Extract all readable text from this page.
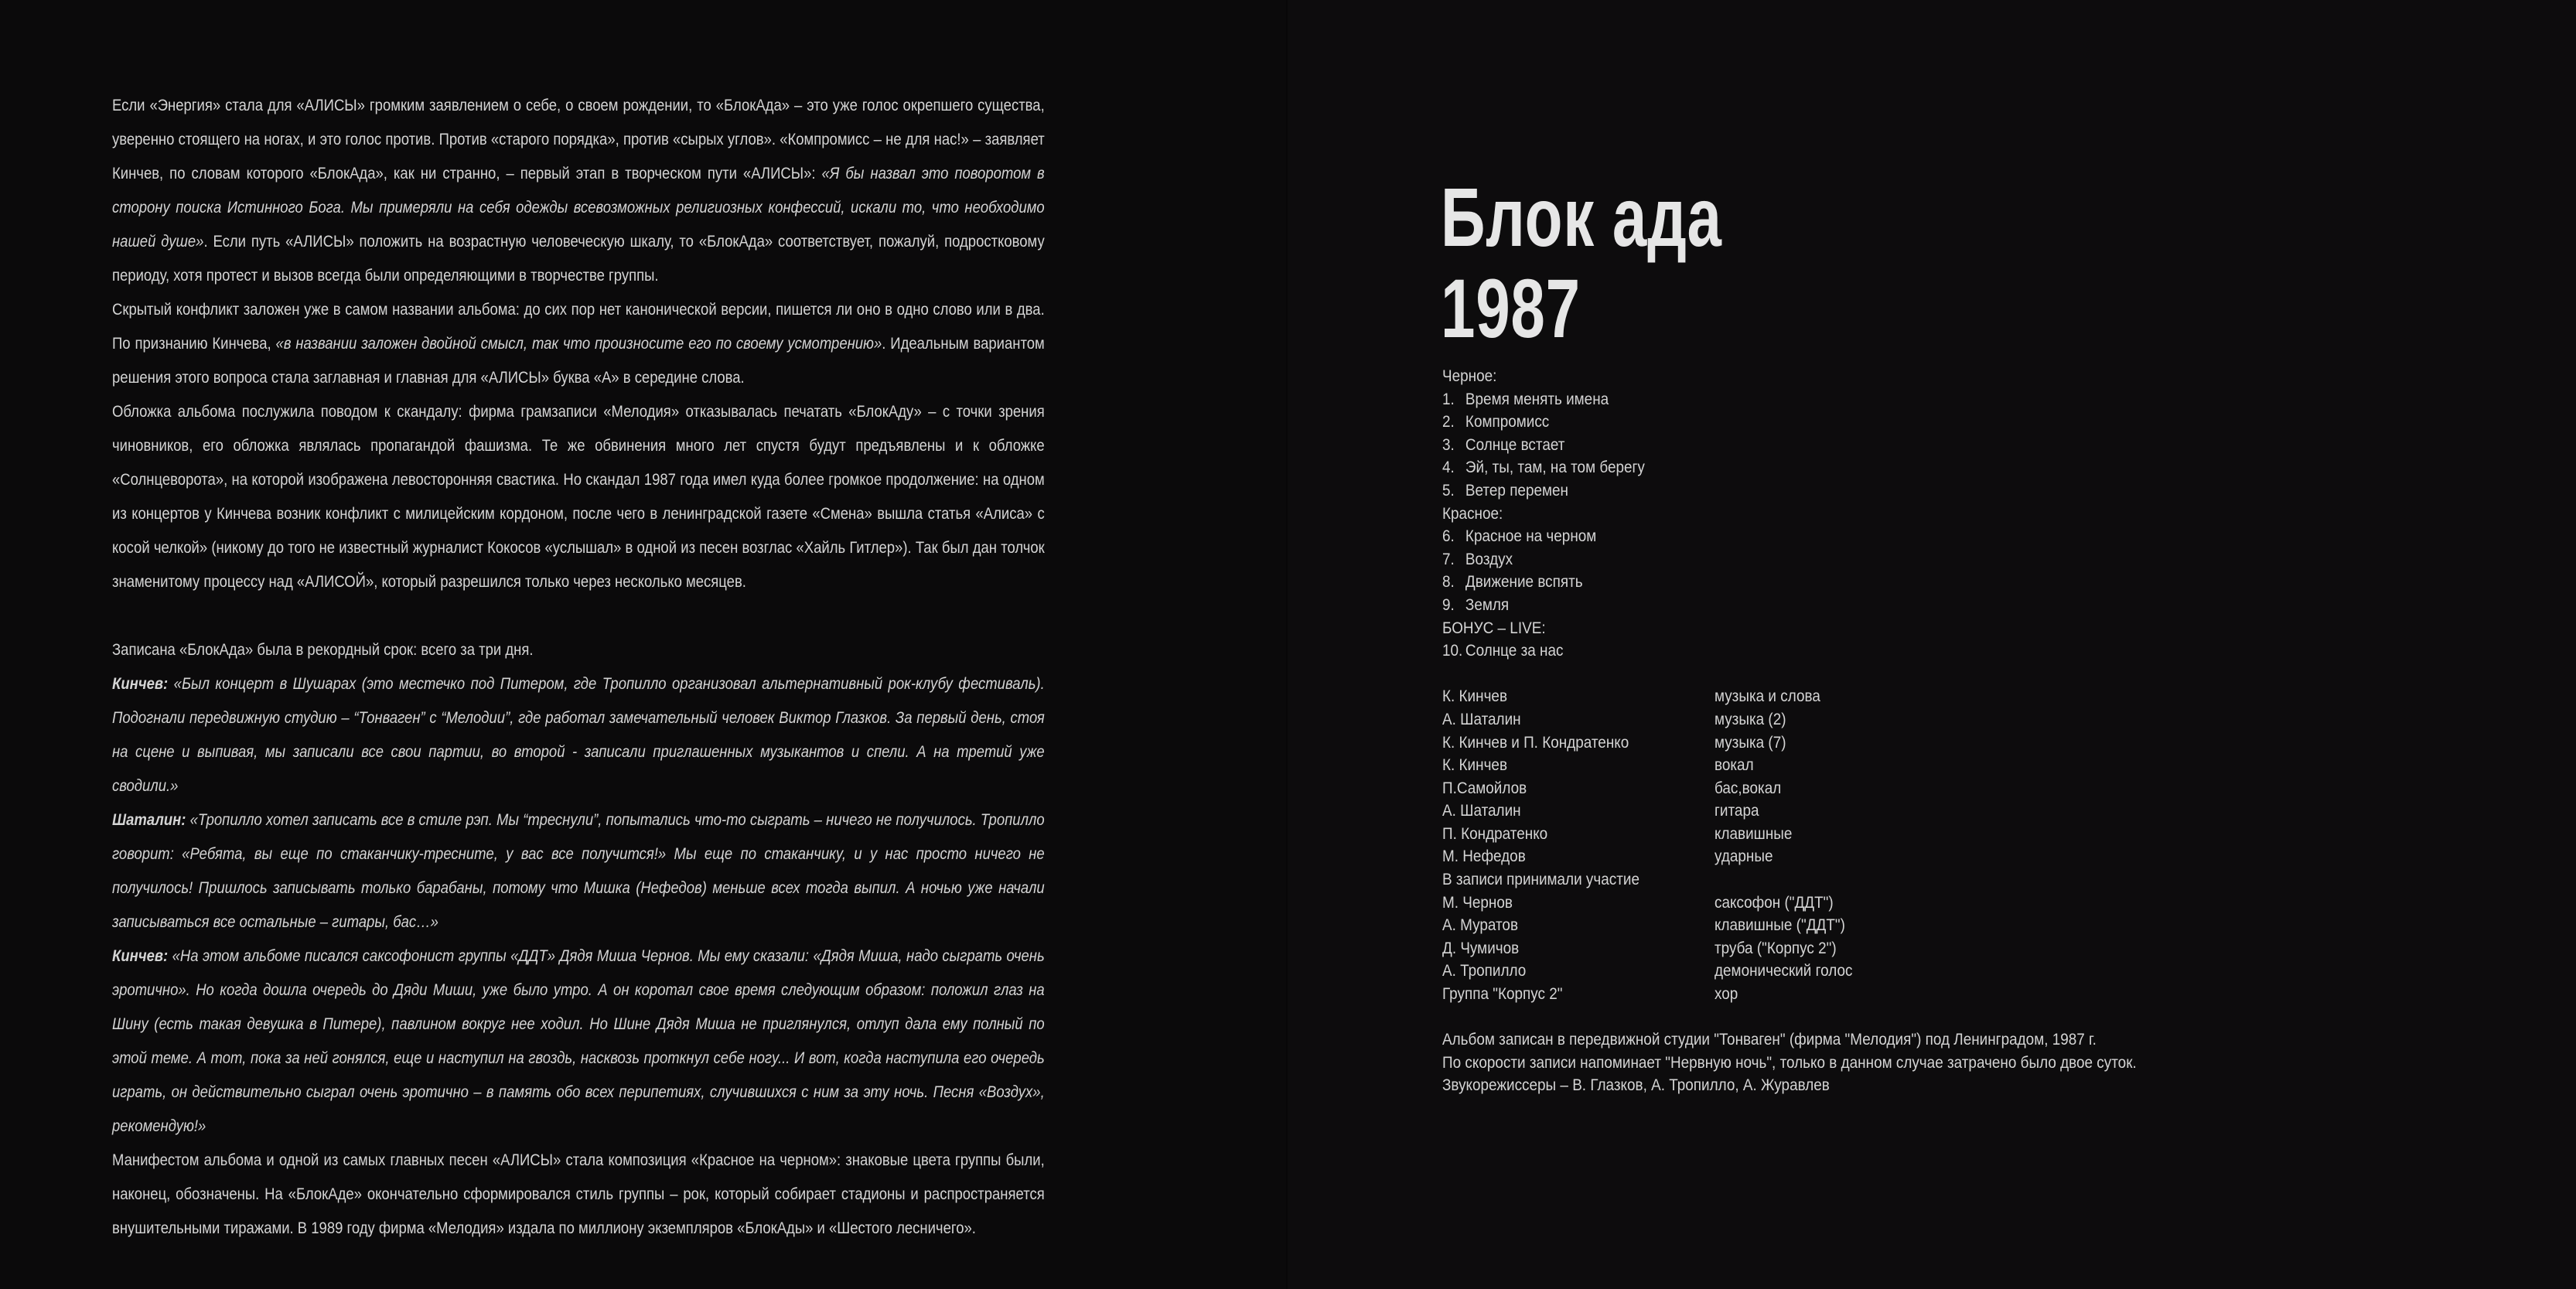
Если «Энергия» стала для «АЛИСЫ» громким заявлением о себе, о своем рождении, то «БлокАда» – это уже голос окрепшего существа, уверенно стоящего на ногах, и это голос против. Против «старого порядка», против «сырых углов». «Компромисс – не для нас!» – заявляет Кинчев, по словам которого «БлокАда», как ни странно, – первый этап в творческом пути «АЛИСЫ»: «Я бы назвал это поворотом в сторону поиска Истинного Бога. Мы примеряли на себя одежды всевозможных религиозных конфессий, искали то, что необходимо нашей душе». Если путь «АЛИСЫ» положить на возрастную человеческую шкалу, то «БлокАда» соответствует, пожалуй, подростковому периоду, хотя протест и вызов всегда были определяющими в творчестве группы.

Скрытый конфликт заложен уже в самом названии альбома: до сих пор нет канонической версии, пишется ли оно в одно слово или в два. По признанию Кинчева, «в названии заложен двойной смысл, так что произносите его по своему усмотрению». Идеальным вариантом решения этого вопроса стала заглавная и главная для «АЛИСЫ» буква «А» в середине слова.

Обложка альбома послужила поводом к скандалу: фирма грамзаписи «Мелодия» отказывалась печатать «БлокАду» – с точки зрения чиновников, его обложка являлась пропагандой фашизма. Те же обвинения много лет спустя будут предъявлены и к обложке «Солнцеворота», на которой изображена левосторонняя свастика. Но скандал 1987 года имел куда более громкое продолжение: на одном из концертов у Кинчева возник конфликт с милицейским кордоном, после чего в ленинградской газете «Смена» вышла статья «Алиса» с косой челкой» (никому до того не известный журналист Кокосов «услышал» в одной из песен возглас «Хайль Гитлер»). Так был дан толчок знаменитому процессу над «АЛИСОЙ», который разрешился только через несколько месяцев.

Записана «БлокАда» была в рекордный срок: всего за три дня.

Кинчев: «Был концерт в Шушарах (это местечко под Питером, где Тропилло организовал альтернативный рок-клубу фестиваль). Подогнали передвижную студию – “Тонваген” с “Мелодии”, где работал замечательный человек Виктор Глазков. За первый день, стоя на сцене и выпивая, мы записали все свои партии, во второй - записали приглашенных музыкантов и спели. А на третий уже сводили.»

Шаталин: «Тропилло хотел записать все в стиле рэп. Мы “треснули”, попытались что-то сыграть – ничего не получилось. Тропилло говорит: «Ребята, вы еще по стаканчику-тресните, у вас все получится!» Мы еще по стаканчику, и у нас просто ничего не получилось! Пришлось записывать только барабаны, потому что Мишка (Нефедов) меньше всех тогда выпил. А ночью уже начали записываться все остальные – гитары, бас…»

Кинчев: «На этом альбоме писался саксофонист группы «ДДТ» Дядя Миша Чернов. Мы ему сказали: «Дядя Миша, надо сыграть очень эротично». Но когда дошла очередь до Дяди Миши, уже было утро. А он коротал свое время следующим образом: положил глаз на Шину (есть такая девушка в Питере), павлином вокруг нее ходил. Но Шине Дядя Миша не приглянулся, отлуп дала ему полный по этой теме. А тот, пока за ней гонялся, еще и наступил на гвоздь, насквозь проткнул себе ногу... И вот, когда наступила его очередь играть, он действительно сыграл очень эротично – в память обо всех перипетиях, случившихся с ним за эту ночь. Песня «Воздух», рекомендую!»

Манифестом альбома и одной из самых главных песен «АЛИСЫ» стала композиция «Красное на черном»: знаковые цвета группы были, наконец, обозначены. На «БлокАде» окончательно сформировался стиль группы – рок, который собирает стадионы и распространяется внушительными тиражами. В 1989 году фирма «Мелодия» издала по миллиону экземпляров «БлокАды» и «Шестого лесничего».

Блок ада
1987
Черное:
1. Время менять имена
2. Компромисс
3. Солнце встает
4. Эй, ты, там, на том берегу
5. Ветер перемен
Красное:
6. Красное на черном
7. Воздух
8. Движение вспять
9. Земля
БОНУС – LIVE:
10. Солнце за нас
К. Кинчев	музыка и слова
А. Шаталин	музыка (2)
К. Кинчев и П. Кондратенко	музыка (7)
К. Кинчев	вокал
П.Самойлов	бас,вокал
А. Шаталин	гитара
П. Кондратенко	клавишные
М. Нефедов	ударные
В записи принимали участие
М. Чернов	саксофон ("ДДТ")
А. Муратов	клавишные ("ДДТ")
Д. Чумичов	труба ("Корпус 2")
А. Тропилло	демонический голос
Группа "Корпус 2"	хор
Альбом записан в передвижной студии "Тонваген" (фирма "Мелодия") под Ленинградом, 1987 г.
По скорости записи напоминает "Нервную ночь", только в данном случае затрачено было двое суток.
Звукорежиссеры – В. Глазков, А. Тропилло, А. Журавлев
